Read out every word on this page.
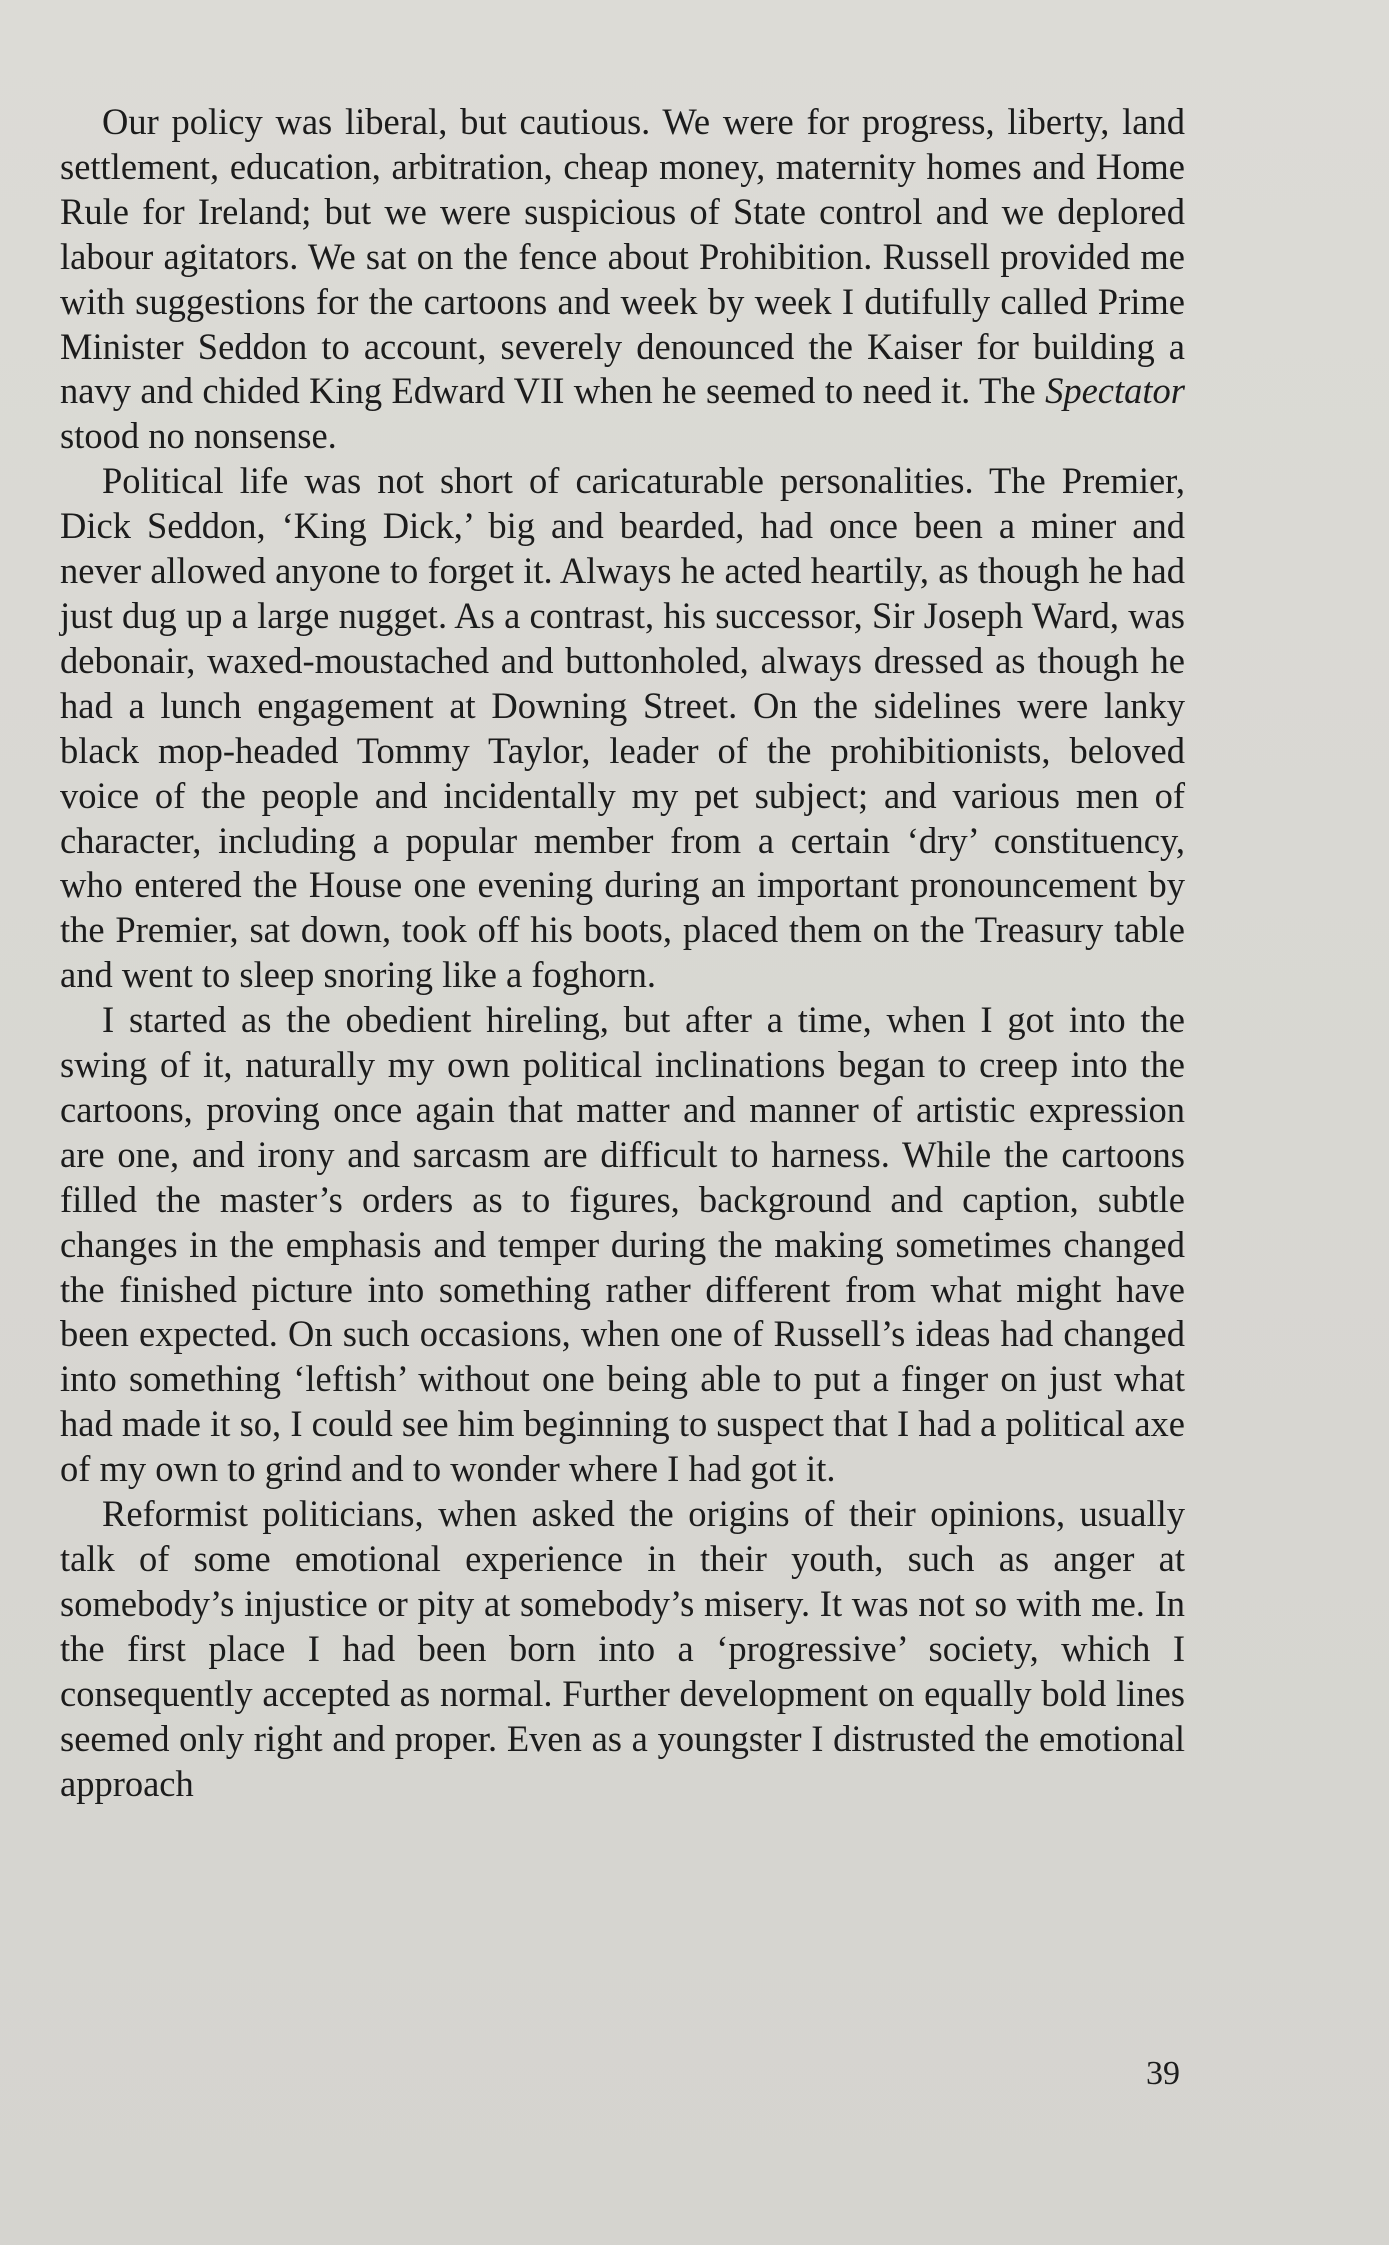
Our policy was liberal, but cautious. We were for progress, liberty, land settlement, education, arbitration, cheap money, maternity homes and Home Rule for Ireland; but we were suspicious of State control and we deplored labour agitators. We sat on the fence about Prohibition. Russell provided me with suggestions for the cartoons and week by week I dutifully called Prime Minister Seddon to account, severely denounced the Kaiser for building a navy and chided King Edward VII when he seemed to need it. The Spectator stood no nonsense.

Political life was not short of caricaturable personalities. The Premier, Dick Seddon, ‘King Dick,’ big and bearded, had once been a miner and never allowed anyone to forget it. Always he acted heartily, as though he had just dug up a large nugget. As a contrast, his successor, Sir Joseph Ward, was debonair, waxed-moustached and buttonholed, always dressed as though he had a lunch engagement at Downing Street. On the sidelines were lanky black mop-headed Tommy Taylor, leader of the prohibitionists, beloved voice of the people and incidentally my pet subject; and various men of character, including a popular member from a certain ‘dry’ constituency, who entered the House one evening during an important pronouncement by the Premier, sat down, took off his boots, placed them on the Treasury table and went to sleep snoring like a foghorn.

I started as the obedient hireling, but after a time, when I got into the swing of it, naturally my own political inclinations began to creep into the cartoons, proving once again that matter and manner of artistic expression are one, and irony and sarcasm are difficult to harness. While the cartoons filled the master’s orders as to figures, background and caption, subtle changes in the emphasis and temper during the making sometimes changed the finished picture into something rather different from what might have been expected. On such occasions, when one of Russell’s ideas had changed into something ‘leftish’ without one being able to put a finger on just what had made it so, I could see him beginning to suspect that I had a political axe of my own to grind and to wonder where I had got it.

Reformist politicians, when asked the origins of their opinions, usually talk of some emotional experience in their youth, such as anger at somebody’s injustice or pity at somebody’s misery. It was not so with me. In the first place I had been born into a ‘progressive’ society, which I consequently accepted as normal. Further development on equally bold lines seemed only right and proper. Even as a youngster I distrusted the emotional approach

39
